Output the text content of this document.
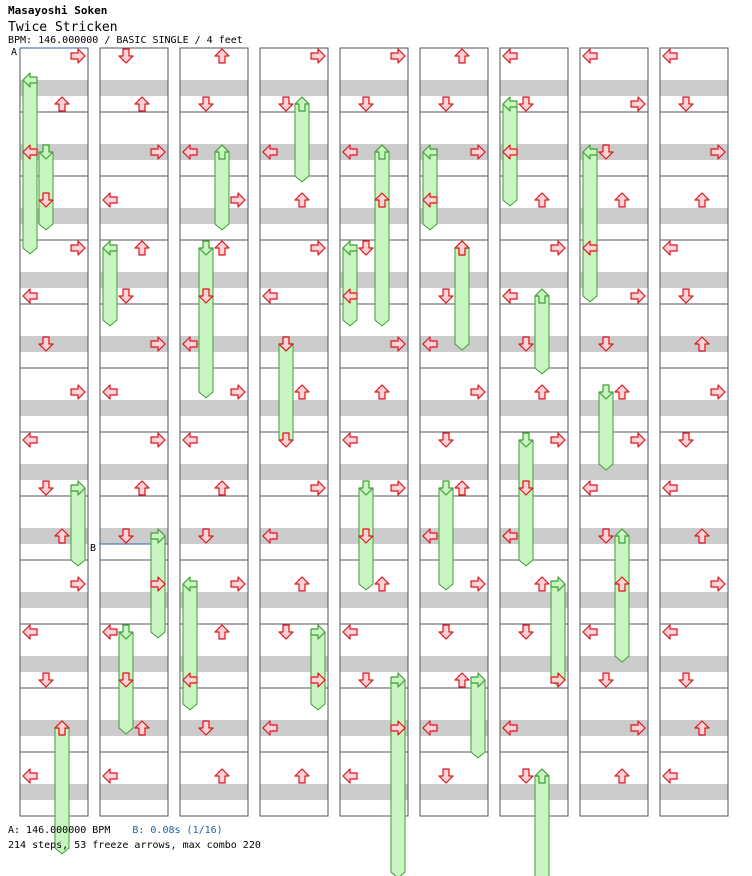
Masayoshi Soken
Twice Stricken
BPM: 146.000000 / BASIC SINGLE / 4 feet
A
B
A: 146.000000 BPM B: 0.08s (1/16)
214 steps, 53 freeze arrows, max combo 220
